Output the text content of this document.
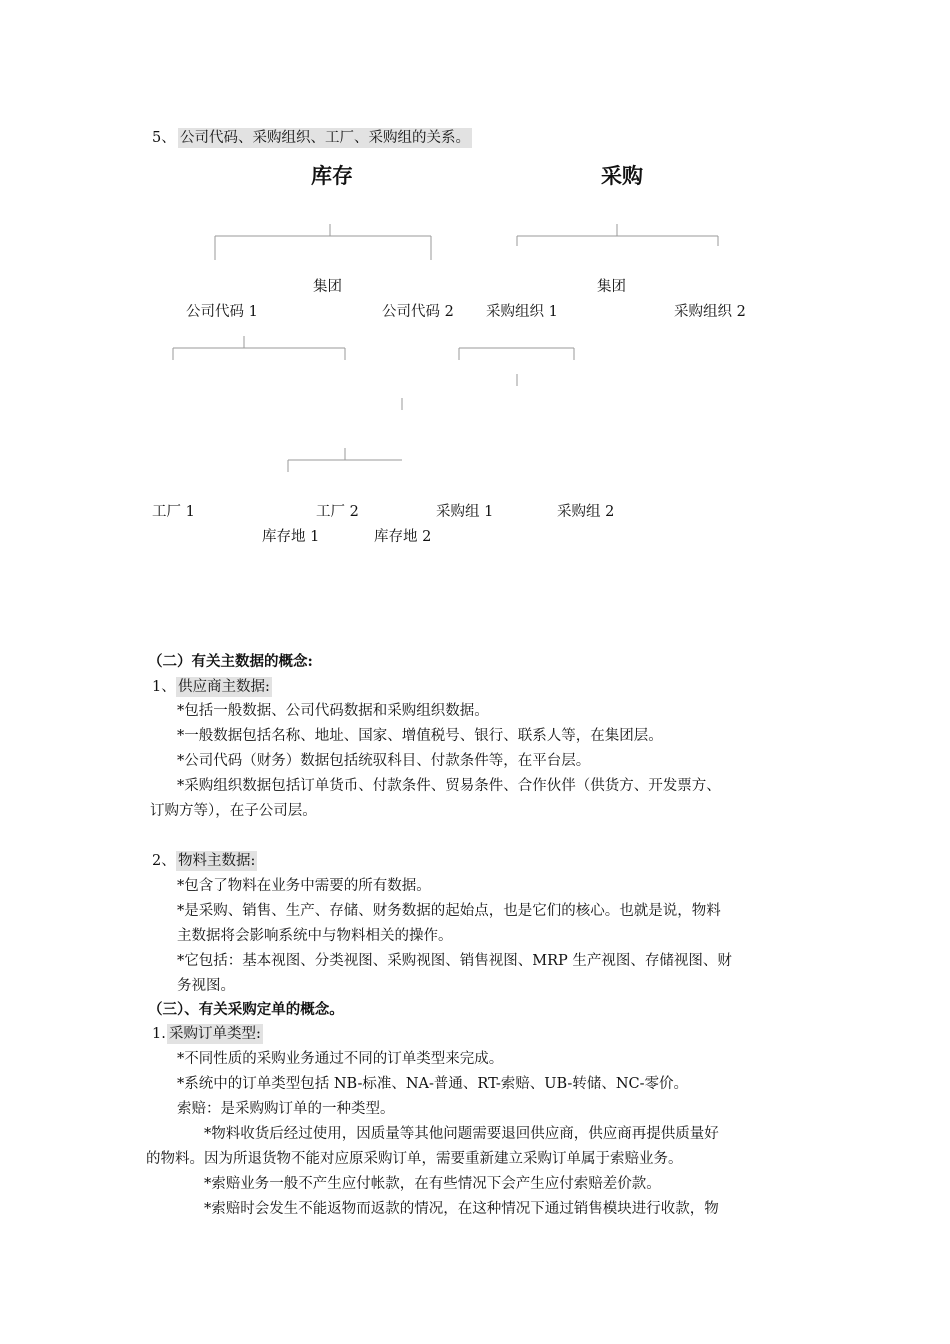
5、 公司代码、采购组织、工厂、采购组的关系。
库存	采购
集团	集团
公司代码 1	公司代码 2 采购组织 1	采购组织 2
工厂 1	工厂 2	采购组 1	采购组 2
库存地 1	库存地 2
（二）有关主数据的概念:
1、 供应商主数据:
*包括一般数据、公司代码数据和采购组织数据。
*一般数据包括名称、地址、国家、增值税号、银行、联系人等，在集团层。
*公司代码（财务）数据包括统驭科目、付款条件等，在平台层。
*采购组织数据包括订单货币、付款条件、贸易条件、合作伙伴（供货方、开发票方、
订购方等），在子公司层。
2、 物料主数据:
*包含了物料在业务中需要的所有数据。
*是采购、销售、生产、存储、财务数据的起始点，也是它们的核心。也就是说，物料
主数据将会影响系统中与物料相关的操作。
*它包括：基本视图、分类视图、采购视图、销售视图、MRP 生产视图、存储视图、财
务视图。
（三）、有关采购定单的概念。
1. 采购订单类型:
*不同性质的采购业务通过不同的订单类型来完成。
*系统中的订单类型包括 NB-标准、NA-普通、RT-索赔、UB-转储、NC-零价。
索赔：是采购购订单的一种类型。
*物料收货后经过使用，因质量等其他问题需要退回供应商，供应商再提供质量好
的物料。因为所退货物不能对应原采购订单，需要重新建立采购订单属于索赔业务。
*索赔业务一般不产生应付帐款，在有些情况下会产生应付索赔差价款。
*索赔时会发生不能返物而返款的情况，在这种情况下通过销售模块进行收款，物
